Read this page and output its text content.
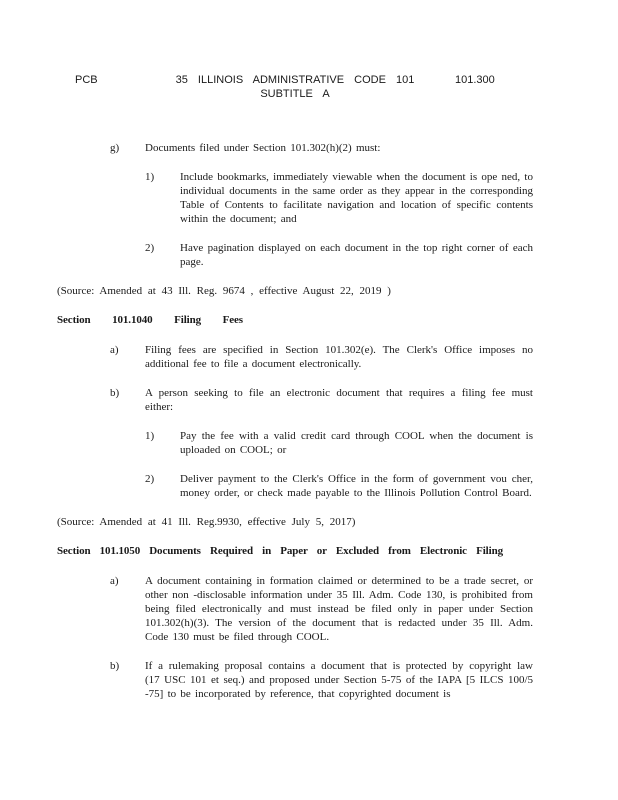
PCB	35 ILLINOIS ADMINISTRATIVE CODE 101	101.300
SUBTITLE A
g)	Documents filed under Section 101.302(h)(2) must:
1)	Include bookmarks, immediately viewable when the document is ope ned, to individual documents in the same order as they appear in the corresponding Table of Contents to facilitate navigation and location of specific contents within the document; and
2)	Have pagination displayed on each document in the top right corner of each page.
(Source: Amended at 43 Ill. Reg. 9674 , effective August 22, 2019 )
Section 101.1040 Filing Fees
a)	Filing fees are specified in Section 101.302(e). The Clerk's Office imposes no additional fee to file a document electronically.
b)	A person seeking to file an electronic document that requires a filing fee must either:
1)	Pay the fee with a valid credit card through COOL when the document is uploaded on COOL; or
2)	Deliver payment to the Clerk's Office in the form of government vou cher, money order, or check made payable to the Illinois Pollution Control Board.
(Source: Amended at 41 Ill. Reg.9930, effective July 5, 2017)
Section 101.1050 Documents Required in Paper or Excluded from Electronic Filing
a)	A document containing in formation claimed or determined to be a trade secret, or other non -disclosable information under 35 Ill. Adm. Code 130, is prohibited from being filed electronically and must instead be filed only in paper under Section 101.302(h)(3). The version of the document that is redacted under 35 Ill. Adm. Code 130 must be filed through COOL.
b)	If a rulemaking proposal contains a document that is protected by copyright law (17 USC 101 et seq.) and proposed under Section 5-75 of the IAPA [5 ILCS 100/5 -75] to be incorporated by reference, that copyrighted document is
